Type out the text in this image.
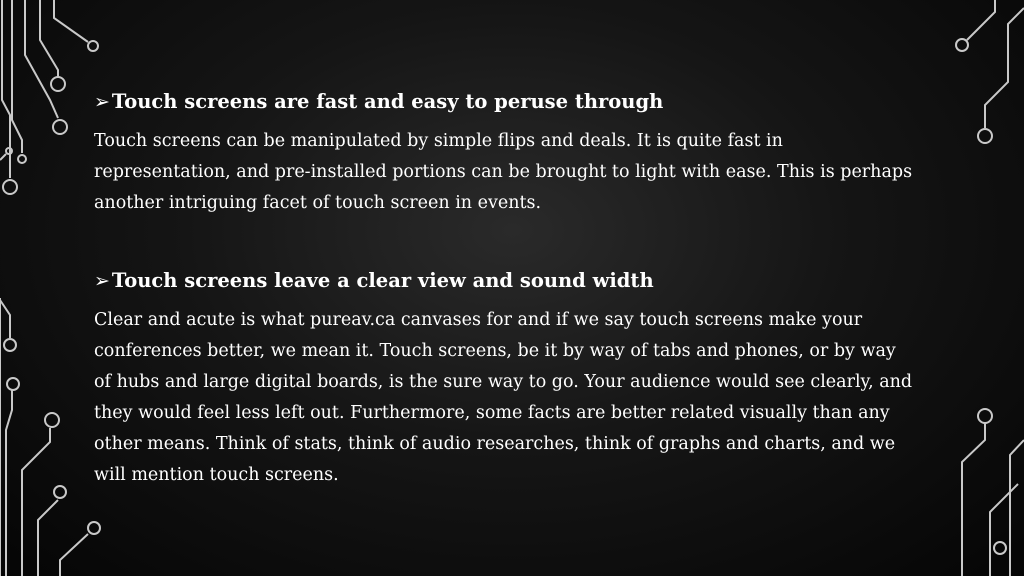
➢ Touch screens are fast and easy to peruse through

Touch screens can be manipulated by simple flips and deals. It is quite fast in representation, and pre-installed portions can be brought to light with ease. This is perhaps another intriguing facet of touch screen in events.

➢ Touch screens leave a clear view and sound width

Clear and acute is what pureav.ca canvases for and if we say touch screens make your conferences better, we mean it. Touch screens, be it by way of tabs and phones, or by way of hubs and large digital boards, is the sure way to go. Your audience would see clearly, and they would feel less left out. Furthermore, some facts are better related visually than any other means. Think of stats, think of audio researches, think of graphs and charts, and we will mention touch screens.
